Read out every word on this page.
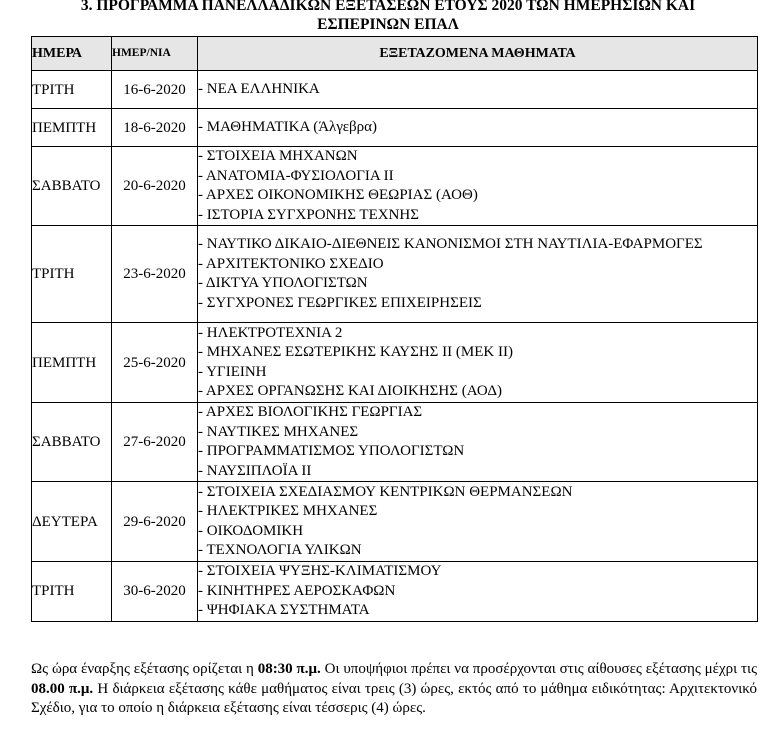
3. ΠΡΟΓΡΑΜΜΑ ΠΑΝΕΛΛΑΔΙΚΩΝ ΕΞΕΤΑΣΕΩΝ ΕΤΟΥΣ 2020 ΤΩΝ ΗΜΕΡΗΣΙΩΝ ΚΑΙ
ΕΣΠΕΡΙΝΩΝ ΕΠΑΛ
ΗΜΕΡΑ	ΗΜΕΡ/ΝΙΑ	ΕΞΕΤΑΖΟΜΕΝΑ ΜΑΘΗΜΑΤΑ
ΤΡΙΤΗ	16-6-2020	- ΝΕΑ ΕΛΛΗΝΙΚΑ

ΠΕΜΠΤΗ	18-6-2020	- ΜΑΘΗΜΑΤΙΚΑ (Άλγεβρα)

ΣΑΒΒΑΤΟ	20-6-2020	- ΣΤΟΙΧΕΙΑ ΜΗΧΑΝΩΝ
- ΑΝΑΤΟΜΙΑ-ΦΥΣΙΟΛΟΓΙΑ ΙΙ
- ΑΡΧΕΣ ΟΙΚΟΝΟΜΙΚΗΣ ΘΕΩΡΙΑΣ (ΑΟΘ)
- ΙΣΤΟΡΙΑ ΣΥΓΧΡΟΝΗΣ ΤΕΧΝΗΣ

ΤΡΙΤΗ	23-6-2020	- ΝΑΥΤΙΚΟ ΔΙΚΑΙΟ-ΔΙΕΘΝΕΙΣ ΚΑΝΟΝΙΣΜΟΙ ΣΤΗ ΝΑΥΤΙΛΙΑ-ΕΦΑΡΜΟΓΕΣ
- ΑΡΧΙΤΕΚΤΟΝΙΚΟ ΣΧΕΔΙΟ
- ΔΙΚΤΥΑ ΥΠΟΛΟΓΙΣΤΩΝ
- ΣΥΓΧΡΟΝΕΣ ΓΕΩΡΓΙΚΕΣ ΕΠΙΧΕΙΡΗΣΕΙΣ

ΠΕΜΠΤΗ	25-6-2020	- ΗΛΕΚΤΡΟΤΕΧΝΙΑ 2
- ΜΗΧΑΝΕΣ ΕΣΩΤΕΡΙΚΗΣ ΚΑΥΣΗΣ ΙΙ (ΜΕΚ ΙΙ)
- ΥΓΙΕΙΝΗ
- ΑΡΧΕΣ ΟΡΓΑΝΩΣΗΣ ΚΑΙ ΔΙΟΙΚΗΣΗΣ (ΑΟΔ)

ΣΑΒΒΑΤΟ	27-6-2020	- ΑΡΧΕΣ ΒΙΟΛΟΓΙΚΗΣ ΓΕΩΡΓΙΑΣ
- ΝΑΥΤΙΚΕΣ ΜΗΧΑΝΕΣ
- ΠΡΟΓΡΑΜΜΑΤΙΣΜΟΣ ΥΠΟΛΟΓΙΣΤΩΝ
- ΝΑΥΣΙΠΛΟΪΑ ΙΙ

ΔΕΥΤΕΡΑ	29-6-2020	- ΣΤΟΙΧΕΙΑ ΣΧΕΔΙΑΣΜΟΥ ΚΕΝΤΡΙΚΩΝ ΘΕΡΜΑΝΣΕΩΝ
- ΗΛΕΚΤΡΙΚΕΣ ΜΗΧΑΝΕΣ
- ΟΙΚΟΔΟΜΙΚΗ
- ΤΕΧΝΟΛΟΓΙΑ ΥΛΙΚΩΝ

ΤΡΙΤΗ	30-6-2020	- ΣΤΟΙΧΕΙΑ ΨΥΞΗΣ-ΚΛΙΜΑΤΙΣΜΟΥ
- ΚΙΝΗΤΗΡΕΣ ΑΕΡΟΣΚΑΦΩΝ
- ΨΗΦΙΑΚΑ ΣΥΣΤΗΜΑΤΑ
Ως ώρα έναρξης εξέτασης ορίζεται η 08:30 π.μ. Οι υποψήφιοι πρέπει να προσέρχονται στις αίθουσες εξέτασης μέχρι τις 08.00 π.μ. Η διάρκεια εξέτασης κάθε μαθήματος είναι τρεις (3) ώρες, εκτός από το μάθημα ειδικότητας: Αρχιτεκτονικό Σχέδιο, για το οποίο η διάρκεια εξέτασης είναι τέσσερις (4) ώρες.
